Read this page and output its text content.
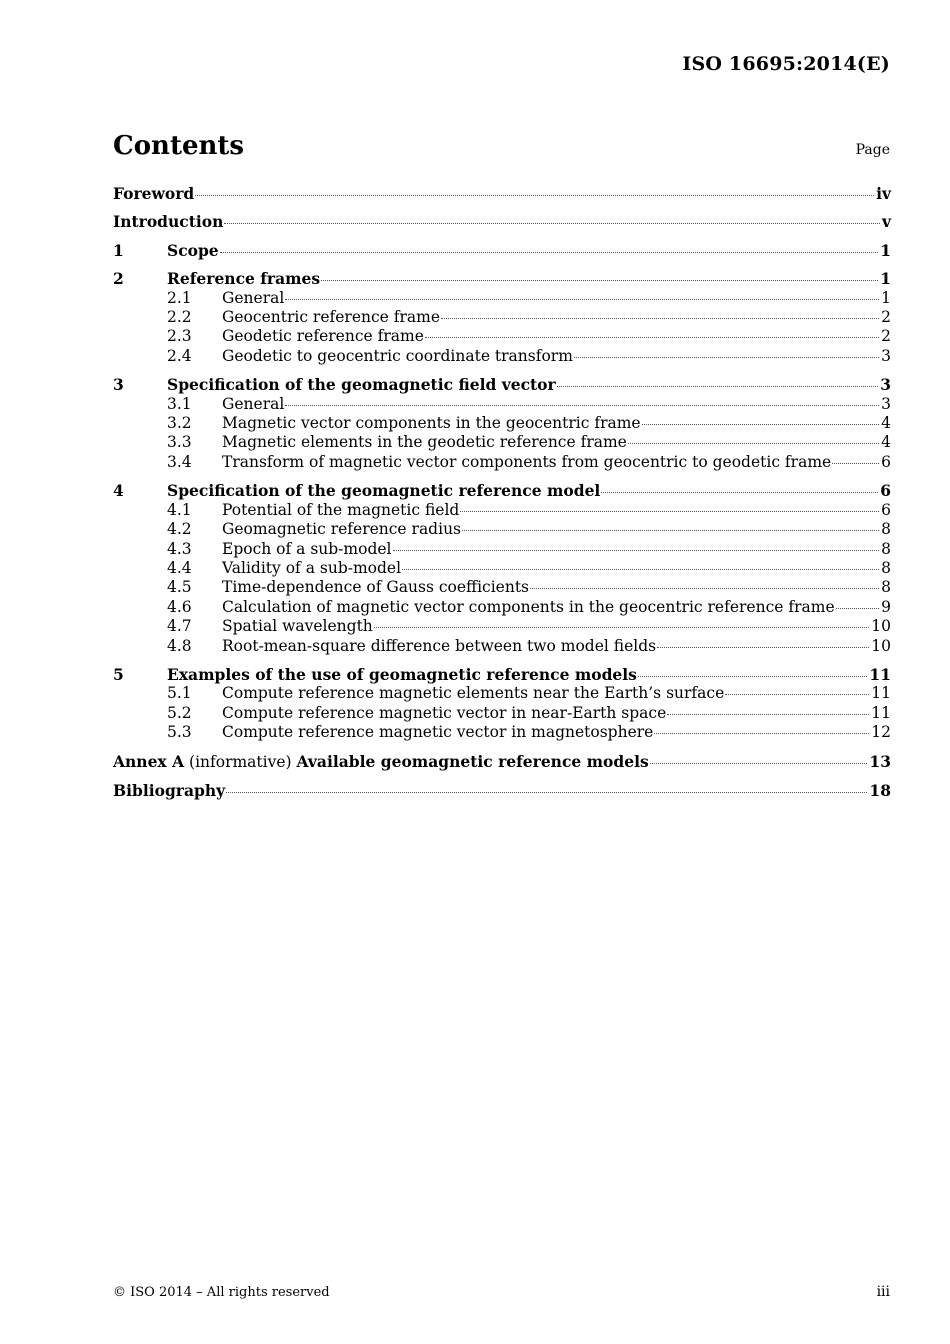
ISO 16695:2014(E)
Contents	Page
Foreword	iv
Introduction	v
1	Scope	1
2	Reference frames	1
2.1	General	1
2.2	Geocentric reference frame	2
2.3	Geodetic reference frame	2
2.4	Geodetic to geocentric coordinate transform	3
3	Specification of the geomagnetic field vector	3
3.1	General	3
3.2	Magnetic vector components in the geocentric frame	4
3.3	Magnetic elements in the geodetic reference frame	4
3.4	Transform of magnetic vector components from geocentric to geodetic frame	6
4	Specification of the geomagnetic reference model	6
4.1	Potential of the magnetic field	6
4.2	Geomagnetic reference radius	8
4.3	Epoch of a sub-model	8
4.4	Validity of a sub-model	8
4.5	Time-dependence of Gauss coefficients	8
4.6	Calculation of magnetic vector components in the geocentric reference frame	9
4.7	Spatial wavelength	10
4.8	Root-mean-square difference between two model fields	10
5	Examples of the use of geomagnetic reference models	11
5.1	Compute reference magnetic elements near the Earth’s surface	11
5.2	Compute reference magnetic vector in near-Earth space	11
5.3	Compute reference magnetic vector in magnetosphere	12
Annex A (informative) Available geomagnetic reference models	13
Bibliography	18
© ISO 2014 – All rights reserved	iii
